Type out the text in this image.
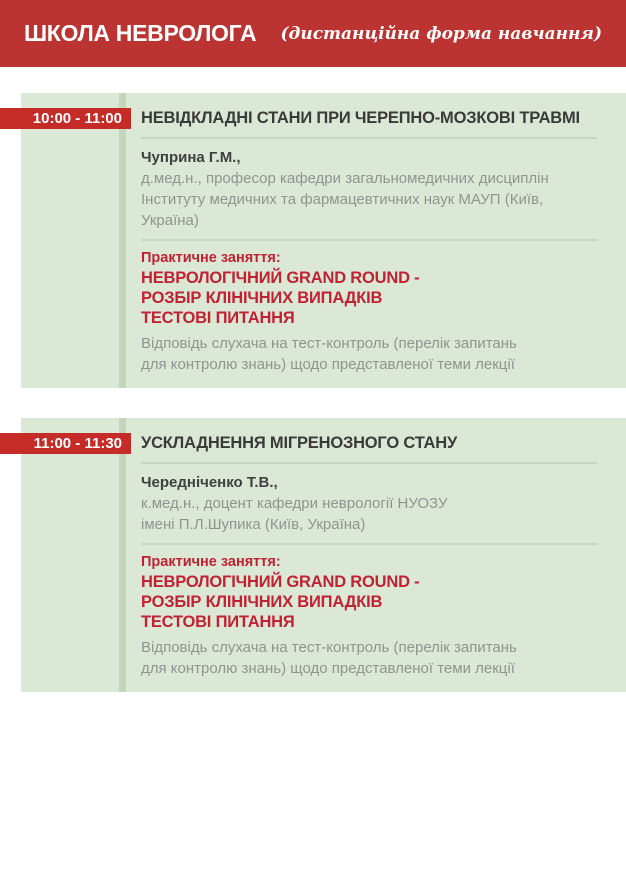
ШКОЛА НЕВРОЛОГА (дистанційна форма навчання)
10:00 - 11:00	НЕВІДКЛАДНІ СТАНИ ПРИ ЧЕРЕПНО-МОЗКОВІ ТРАВМІ
Чуприна Г.М.,
д.мед.н., професор кафедри загальномедичних дисциплін
Інституту медичних та фармацевтичних наук МАУП (Київ, Україна)
Практичне заняття:
НЕВРОЛОГІЧНИЙ GRAND ROUND -
РОЗБІР КЛІНІЧНИХ ВИПАДКІВ
ТЕСТОВІ ПИТАННЯ
Відповідь слухача на тест-контроль (перелік запитань
для контролю знань) щодо представленої теми лекції
11:00 - 11:30	УСКЛАДНЕННЯ МІГРЕНОЗНОГО СТАНУ
Чередніченко Т.В.,
к.мед.н., доцент кафедри неврології НУОЗУ
імені П.Л.Шупика (Київ, Україна)
Практичне заняття:
НЕВРОЛОГІЧНИЙ GRAND ROUND -
РОЗБІР КЛІНІЧНИХ ВИПАДКІВ
ТЕСТОВІ ПИТАННЯ
Відповідь слухача на тест-контроль (перелік запитань
для контролю знань) щодо представленої теми лекції
